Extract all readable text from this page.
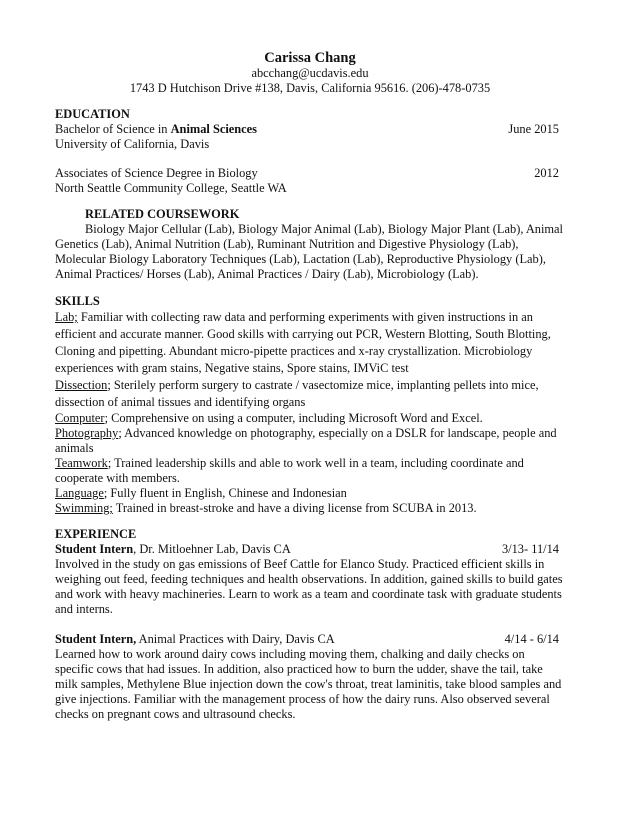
Carissa Chang
abcchang@ucdavis.edu
1743 D Hutchison Drive #138, Davis, California 95616. (206)-478-0735
EDUCATION
Bachelor of Science in Animal Sciences	June 2015
University of California, Davis
Associates of Science Degree in Biology	2012
North Seattle Community College, Seattle WA
RELATED COURSEWORK
Biology Major Cellular (Lab), Biology Major Animal (Lab), Biology Major Plant (Lab), Animal Genetics (Lab), Animal Nutrition (Lab), Ruminant Nutrition and Digestive Physiology (Lab), Molecular Biology Laboratory Techniques (Lab), Lactation (Lab), Reproductive Physiology (Lab), Animal Practices/ Horses (Lab), Animal Practices / Dairy (Lab), Microbiology (Lab).
SKILLS
Lab; Familiar with collecting raw data and performing experiments with given instructions in an efficient and accurate manner. Good skills with carrying out PCR, Western Blotting, South Blotting, Cloning and pipetting. Abundant micro-pipette practices and x-ray crystallization. Microbiology experiences with gram stains, Negative stains, Spore stains, IMViC test
Dissection; Sterilely perform surgery to castrate / vasectomize mice, implanting pellets into mice, dissection of animal tissues and identifying organs
Computer; Comprehensive on using a computer, including Microsoft Word and Excel.
Photography; Advanced knowledge on photography, especially on a DSLR for landscape, people and animals
Teamwork; Trained leadership skills and able to work well in a team, including coordinate and cooperate with members.
Language; Fully fluent in English, Chinese and Indonesian
Swimming; Trained in breast-stroke and have a diving license from SCUBA in 2013.
EXPERIENCE
Student Intern, Dr. Mitloehner Lab, Davis CA	3/13- 11/14
Involved in the study on gas emissions of Beef Cattle for Elanco Study. Practiced efficient skills in weighing out feed, feeding techniques and health observations. In addition, gained skills to build gates and work with heavy machineries. Learn to work as a team and coordinate task with graduate students and interns.
Student Intern, Animal Practices with Dairy, Davis CA	4/14 - 6/14
Learned how to work around dairy cows including moving them, chalking and daily checks on specific cows that had issues. In addition, also practiced how to burn the udder, shave the tail, take milk samples, Methylene Blue injection down the cow's throat, treat laminitis, take blood samples and give injections. Familiar with the management process of how the dairy runs. Also observed several checks on pregnant cows and ultrasound checks.
